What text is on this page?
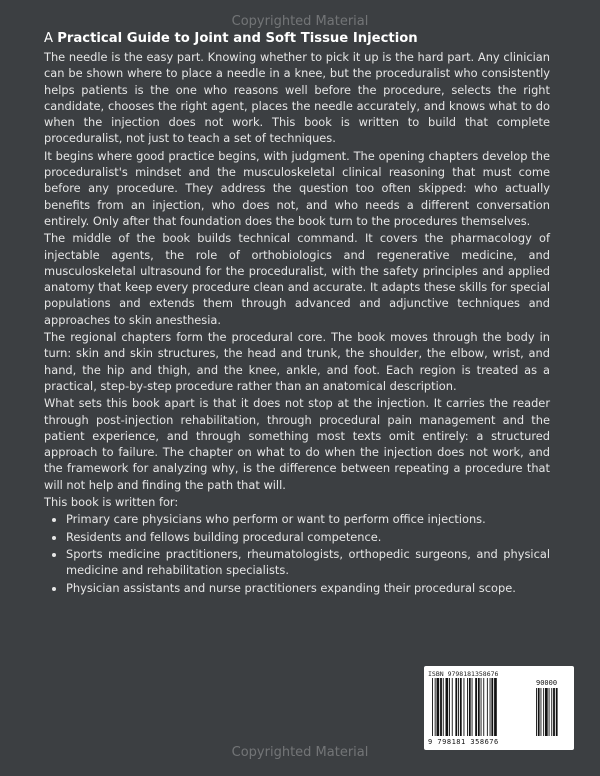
Copyrighted Material
A Practical Guide to Joint and Soft Tissue Injection

The needle is the easy part. Knowing whether to pick it up is the hard part. Any clinician can be shown where to place a needle in a knee, but the proceduralist who consistently helps patients is the one who reasons well before the procedure, selects the right candidate, chooses the right agent, places the needle accurately, and knows what to do when the injection does not work. This book is written to build that complete proceduralist, not just to teach a set of techniques.

It begins where good practice begins, with judgment. The opening chapters develop the proceduralist's mindset and the musculoskeletal clinical reasoning that must come before any procedure. They address the question too often skipped: who actually benefits from an injection, who does not, and who needs a different conversation entirely. Only after that foundation does the book turn to the procedures themselves.

The middle of the book builds technical command. It covers the pharmacology of injectable agents, the role of orthobiologics and regenerative medicine, and musculoskeletal ultrasound for the proceduralist, with the safety principles and applied anatomy that keep every procedure clean and accurate. It adapts these skills for special populations and extends them through advanced and adjunctive techniques and approaches to skin anesthesia.

The regional chapters form the procedural core. The book moves through the body in turn: skin and skin structures, the head and trunk, the shoulder, the elbow, wrist, and hand, the hip and thigh, and the knee, ankle, and foot. Each region is treated as a practical, step-by-step procedure rather than an anatomical description.

What sets this book apart is that it does not stop at the injection. It carries the reader through post-injection rehabilitation, through procedural pain management and the patient experience, and through something most texts omit entirely: a structured approach to failure. The chapter on what to do when the injection does not work, and the framework for analyzing why, is the difference between repeating a procedure that will not help and finding the path that will.

This book is written for:

• Primary care physicians who perform or want to perform office injections.
• Residents and fellows building procedural competence.
• Sports medicine practitioners, rheumatologists, orthopedic surgeons, and physical medicine and rehabilitation specialists.
• Physician assistants and nurse practitioners expanding their procedural scope.
ISBN 9798181358676
90000
9 798181 358676
Copyrighted Material
